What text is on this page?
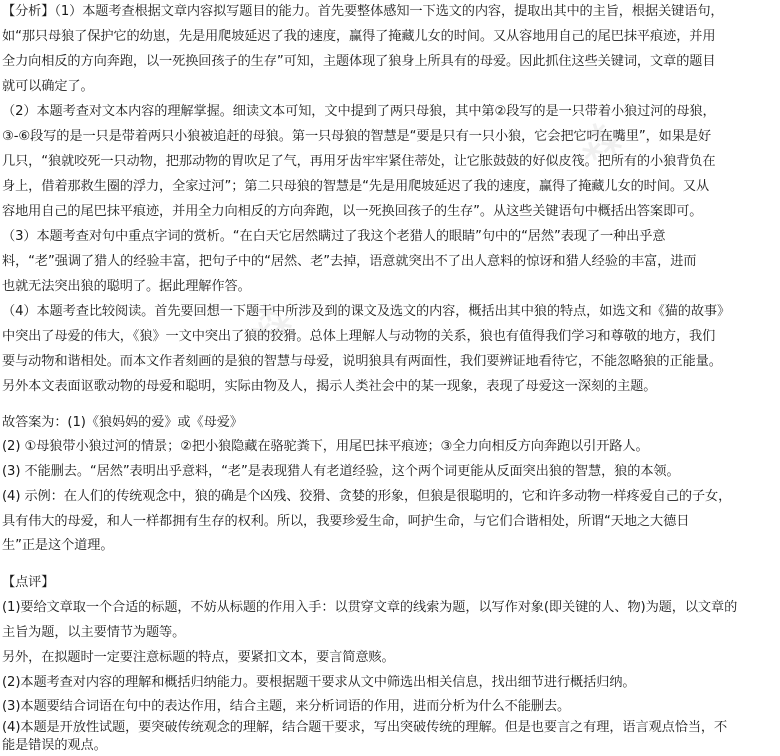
⁂
⁂
【分析】（1）本题考查根据文章内容拟写题目的能力。首先要整体感知一下选文的内容，提取出其中的主旨，根据关键语句，
如“那只母狼了保护它的幼崽，先是用爬坡延迟了我的速度，赢得了掩藏儿女的时间。又从容地用自己的尾巴抹平痕迹，并用
全力向相反的方向奔跑，以一死换回孩子的生存”可知，主题体现了狼身上所具有的母爱。因此抓住这些关键词，文章的题目
就可以确定了。
（2）本题考查对文本内容的理解掌握。细读文本可知，文中提到了两只母狼，其中第②段写的是一只带着小狼过河的母狼，
③-⑥段写的是一只是带着两只小狼被追赶的母狼。第一只母狼的智慧是“要是只有一只小狼，它会把它叼在嘴里”，如果是好
几只，“狼就咬死一只动物，把那动物的胃吹足了气，再用牙齿牢牢紧住蒂处，让它胀鼓鼓的好似皮筏。把所有的小狼背负在
身上，借着那救生圈的浮力，全家过河”；第二只母狼的智慧是“先是用爬坡延迟了我的速度，赢得了掩藏儿女的时间。又从
容地用自己的尾巴抹平痕迹，并用全力向相反的方向奔跑，以一死换回孩子的生存”。从这些关键语句中概括出答案即可。
（3）本题考查对句中重点字词的赏析。“在白天它居然瞒过了我这个老猎人的眼睛”句中的“居然”表现了一种出乎意
料，“老”强调了猎人的经验丰富，把句子中的“居然、老”去掉，语意就突出不了出人意料的惊讶和猎人经验的丰富，进而
也就无法突出狼的聪明了。据此理解作答。
（4）本题考查比较阅读。首先要回想一下题干中所涉及到的课文及选文的内容，概括出其中狼的特点，如选文和《猫的故事》
中突出了母爱的伟大，《狼》一文中突出了狼的狡猾。总体上理解人与动物的关系，狼也有值得我们学习和尊敬的地方，我们
要与动物和谐相处。而本文作者刻画的是狼的智慧与母爱，说明狼具有两面性，我们要辨证地看待它，不能忽略狼的正能量。
另外本文表面讴歌动物的母爱和聪明，实际由物及人，揭示人类社会中的某一现象，表现了母爱这一深刻的主题。
故答案为：(1)《狼妈妈的爱》或《母爱》
(2) ①母狼带小狼过河的情景；②把小狼隐藏在骆驼粪下，用尾巴抹平痕迹；③全力向相反方向奔跑以引开路人。
(3) 不能删去。“居然”表明出乎意料，“老”是表现猎人有老道经验，这个两个词更能从反面突出狼的智慧，狼的本领。
(4) 示例：在人们的传统观念中，狼的确是个凶残、狡猾、贪婪的形象，但狼是很聪明的，它和许多动物一样疼爱自己的子女，
具有伟大的母爱，和人一样都拥有生存的权利。所以，我要珍爱生命，呵护生命，与它们合谐相处，所谓“天地之大德日
生”正是这个道理。
【点评】
(1)要给文章取一个合适的标题，不妨从标题的作用入手：以贯穿文章的线索为题，以写作对象(即关键的人、物)为题，以文章的
主旨为题，以主要情节为题等。
另外，在拟题时一定要注意标题的特点，要紧扣文本，要言简意赅。
(2)本题考查对内容的理解和概括归纳能力。要根据题干要求从文中筛选出相关信息，找出细节进行概括归纳。
(3)本题要结合词语在句中的表达作用，结合主题，来分析词语的作用，进而分析为什么不能删去。
(4)本题是开放性试题，要突破传统观念的理解，结合题干要求，写出突破传统的理解。但是也要言之有理，语言观点恰当，不
能是错误的观点。
